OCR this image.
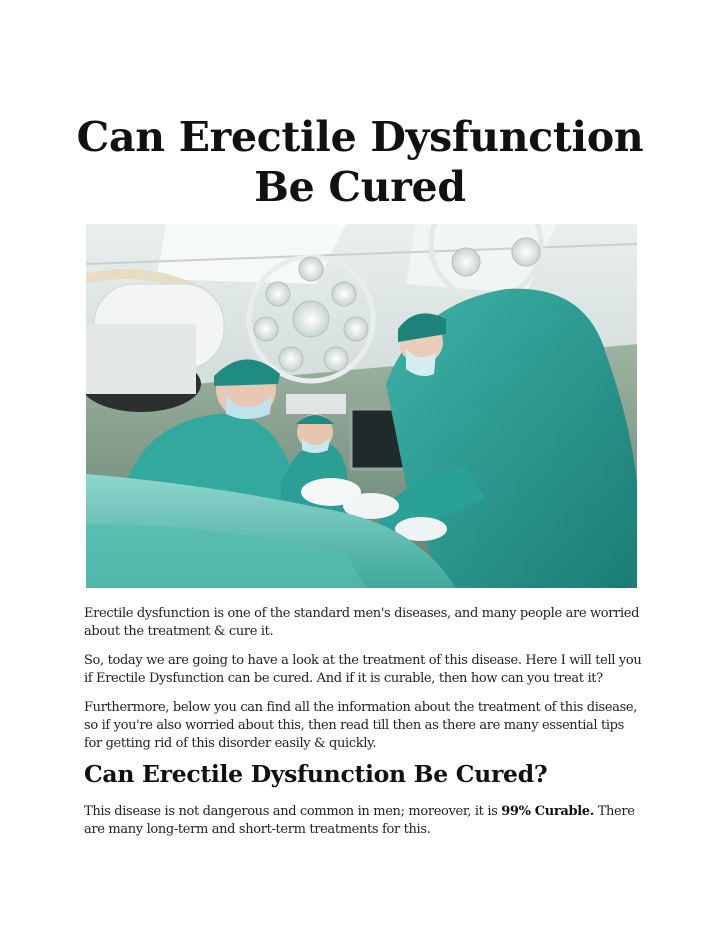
Can Erectile Dysfunction
Be Cured

Erectile dysfunction is one of the standard men's diseases, and many people are worried about the treatment & cure it.

So, today we are going to have a look at the treatment of this disease. Here I will tell you if Erectile Dysfunction can be cured. And if it is curable, then how can you treat it?

Furthermore, below you can find all the information about the treatment of this disease, so if you're also worried about this, then read till then as there are many essential tips for getting rid of this disorder easily & quickly.

Can Erectile Dysfunction Be Cured?

This disease is not dangerous and common in men; moreover, it is 99% Curable. There are many long-term and short-term treatments for this.
